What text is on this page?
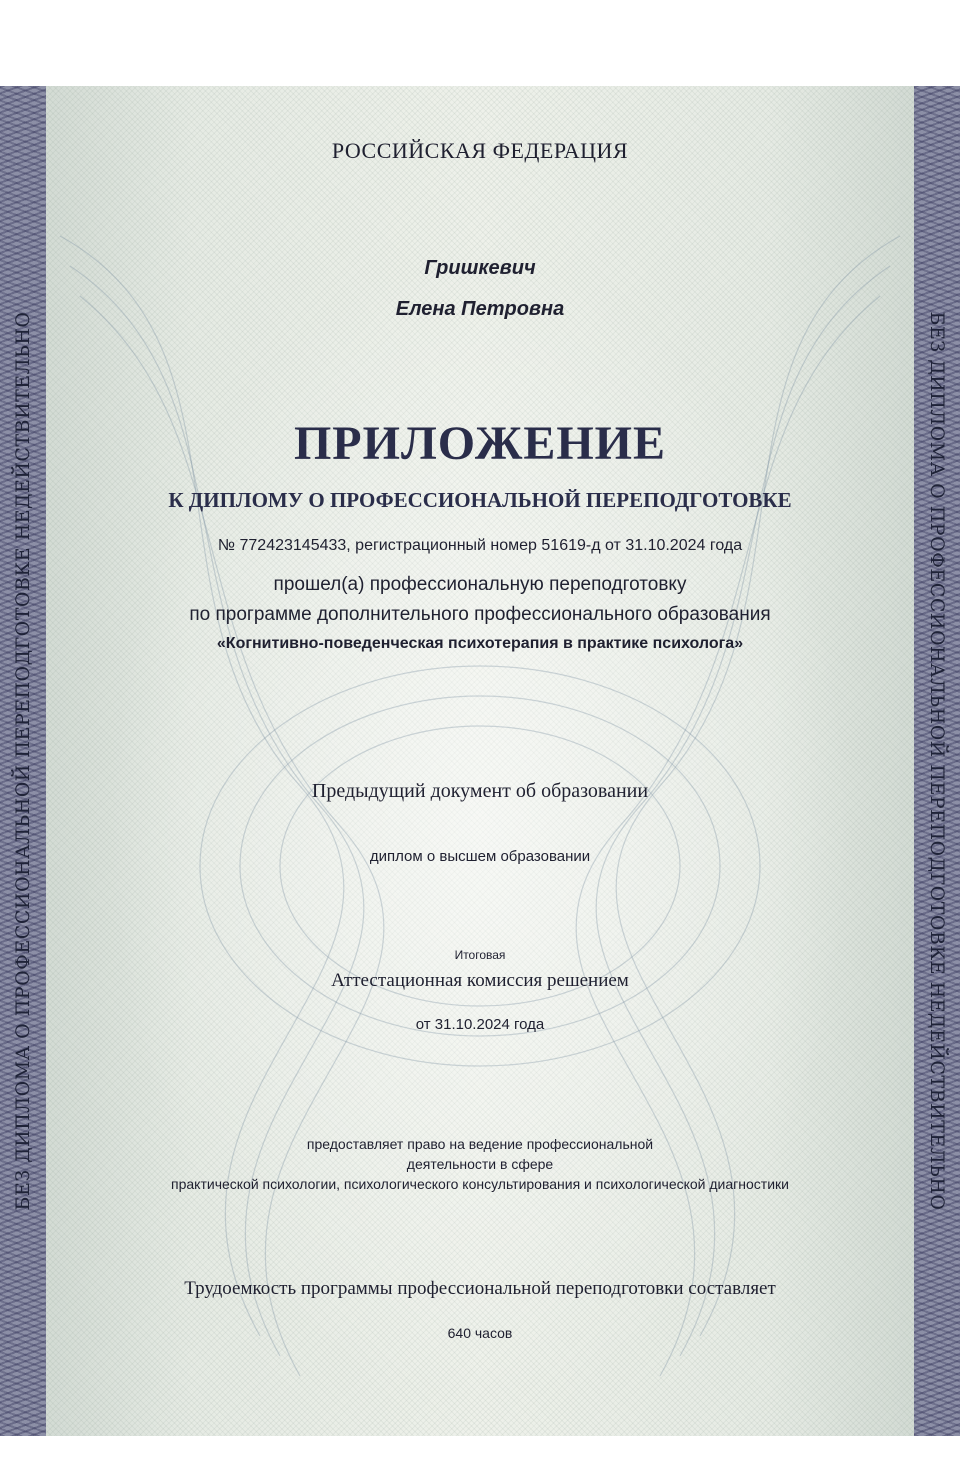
БЕЗ ДИПЛОМА О ПРОФЕССИОНАЛЬНОЙ ПЕРЕПОДГОТОВКЕ НЕДЕЙСТВИТЕЛЬНО	БЕЗ ДИПЛОМА О ПРОФЕССИОНАЛЬНОЙ ПЕРЕПОДГОТОВКЕ НЕДЕЙСТВИТЕЛЬНО
РОССИЙСКАЯ ФЕДЕРАЦИЯ
Гришкевич
Елена Петровна
ПРИЛОЖЕНИЕ
К ДИПЛОМУ О ПРОФЕССИОНАЛЬНОЙ ПЕРЕПОДГОТОВКЕ
№ 772423145433, регистрационный номер 51619-д от 31.10.2024 года
прошел(а) профессиональную переподготовку
по программе дополнительного профессионального образования
«Когнитивно-поведенческая психотерапия в практике психолога»
Предыдущий документ об образовании
диплом о высшем образовании
Итоговая
Аттестационная комиссия решением
от 31.10.2024 года
предоставляет право на ведение профессиональной
деятельности в сфере
практической психологии, психологического консультирования и психологической диагностики
Трудоемкость программы профессиональной переподготовки составляет
640 часов
